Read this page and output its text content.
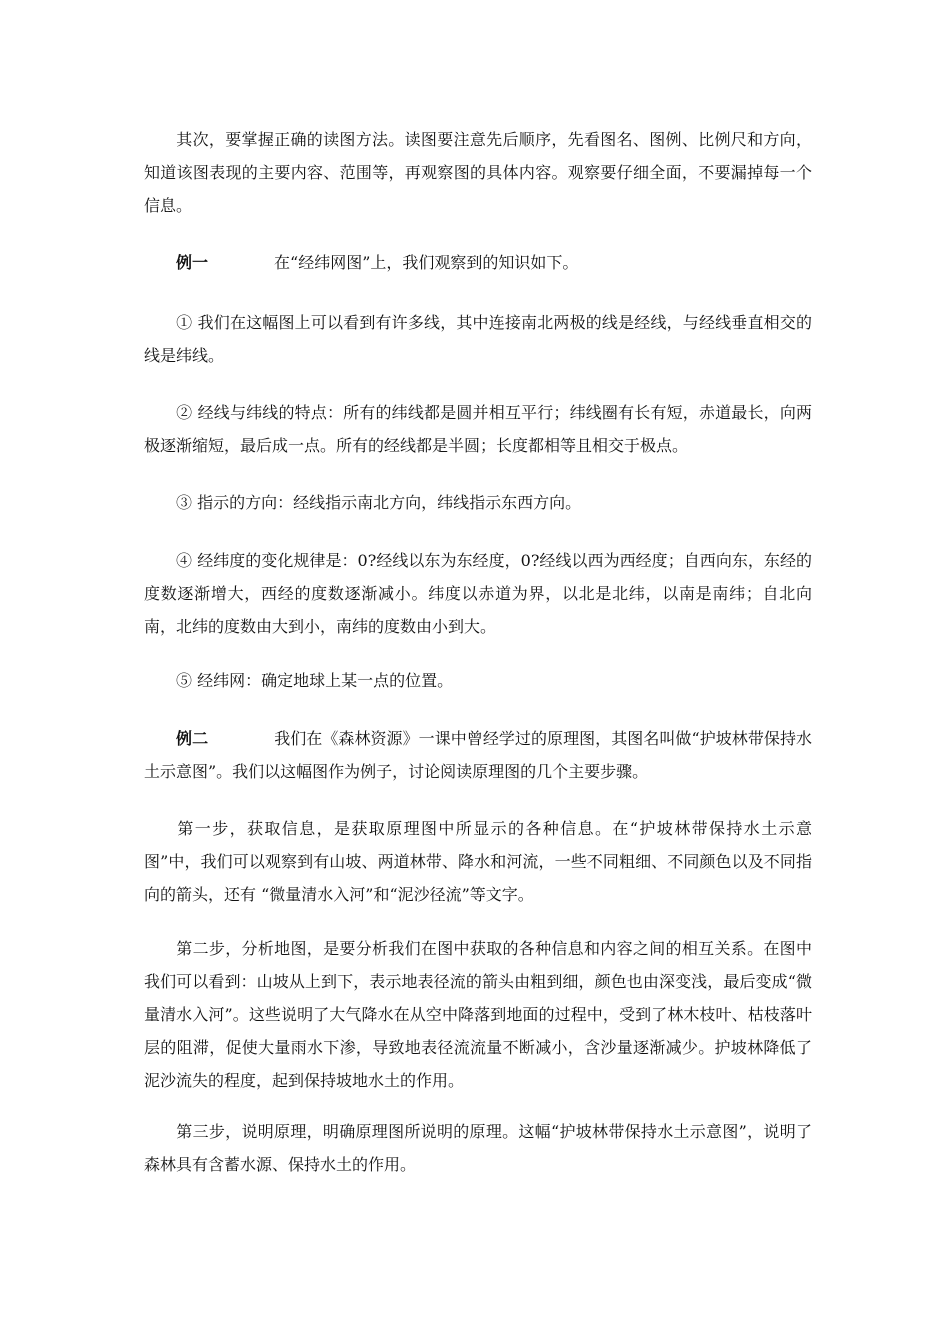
其次，要掌握正确的读图方法。读图要注意先后顺序，先看图名、图例、比例尺和方向，知道该图表现的主要内容、范围等，再观察图的具体内容。观察要仔细全面，不要漏掉每一个信息。

例一	在“经纬网图”上，我们观察到的知识如下。

① 我们在这幅图上可以看到有许多线，其中连接南北两极的线是经线，与经线垂直相交的线是纬线。

② 经线与纬线的特点：所有的纬线都是圆并相互平行；纬线圈有长有短，赤道最长，向两极逐渐缩短，最后成一点。所有的经线都是半圆；长度都相等且相交于极点。

③ 指示的方向：经线指示南北方向，纬线指示东西方向。

④ 经纬度的变化规律是：0?经线以东为东经度，0?经线以西为西经度；自西向东，东经的度数逐渐增大，西经的度数逐渐减小。纬度以赤道为界，以北是北纬，以南是南纬；自北向南，北纬的度数由大到小，南纬的度数由小到大。

⑤ 经纬网：确定地球上某一点的位置。

例二	我们在《森林资源》一课中曾经学过的原理图，其图名叫做“护坡林带保持水土示意图”。我们以这幅图作为例子，讨论阅读原理图的几个主要步骤。

第一步，获取信息，是获取原理图中所显示的各种信息。在“护坡林带保持水土示意图”中，我们可以观察到有山坡、两道林带、降水和河流，一些不同粗细、不同颜色以及不同指向的箭头，还有 “微量清水入河”和“泥沙径流”等文字。

第二步，分析地图，是要分析我们在图中获取的各种信息和内容之间的相互关系。在图中我们可以看到：山坡从上到下，表示地表径流的箭头由粗到细，颜色也由深变浅，最后变成“微量清水入河”。这些说明了大气降水在从空中降落到地面的过程中，受到了林木枝叶、枯枝落叶层的阻滞，促使大量雨水下渗，导致地表径流流量不断减小，含沙量逐渐减少。护坡林降低了泥沙流失的程度，起到保持坡地水土的作用。

第三步，说明原理，明确原理图所说明的原理。这幅“护坡林带保持水土示意图”，说明了森林具有含蓄水源、保持水土的作用。
